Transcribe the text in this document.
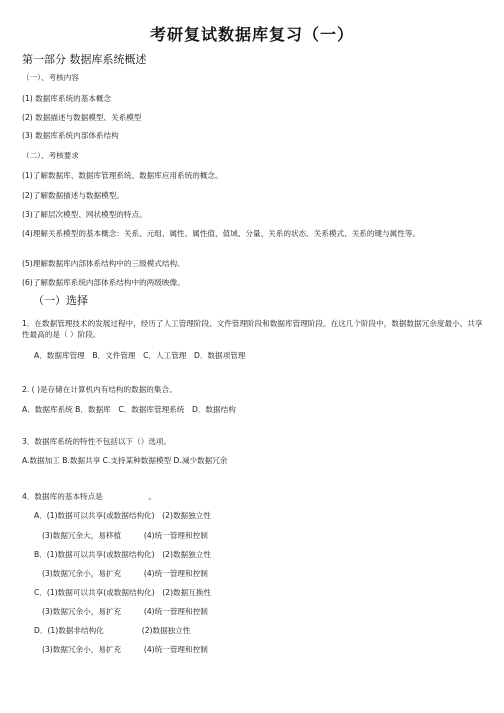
考研复试数据库复习（一）
第一部分 数据库系统概述
（一）、考核内容
(1) 数据库系统的基本概念
(2) 数据描述与数据模型、关系模型
(3) 数据库系统内部体系结构
（二）、考核要求
(1)了解数据库、数据库管理系统、数据库应用系统的概念。
(2)了解数据描述与数据模型。
(3)了解层次模型、网状模型的特点。
(4)理解关系模型的基本概念：关系、元组、属性、属性值、值域、分量、关系的状态、关系模式、关系的键与属性等。
(5)理解数据库内部体系结构中的三级模式结构。
(6)了解数据库系统内部体系结构中的两级映像。
（一）选择
1．在数据管理技术的发展过程中，经历了人工管理阶段、文件管理阶段和数据库管理阶段。在这几个阶段中，数据数据冗余度最小、共享性最高的是（ ）阶段。
A．数据库管理　B．文件管理　C．人工管理　D．数据项管理
2. ( )是存储在计算机内有结构的数据的集合。
A．数据库系统 B．数据库　C．数据库管理系统　D．数据结构
3．数据库系统的特性不包括以下（）选项。
A.数据加工 B.数据共享 C.支持某种数据模型 D.减少数据冗余
4．数据库的基本特点是　　　　　　。
A．(1)数据可以共享(或数据结构化)　(2)数据独立性
(3)数据冗余大，易移植　　　(4)统一管理和控制
B．(1)数据可以共享(或数据结构化)　(2)数据独立性
(3)数据冗余小，易扩充　　　(4)统一管理和控制
C．(1)数据可以共享(或数据结构化)　(2)数据互换性
(3)数据冗余小，易扩充　　　(4)统一管理和控制
D．(1)数据非结构化　　　　　(2)数据独立性
(3)数据冗余小，易扩充　　　(4)统一管理和控制
